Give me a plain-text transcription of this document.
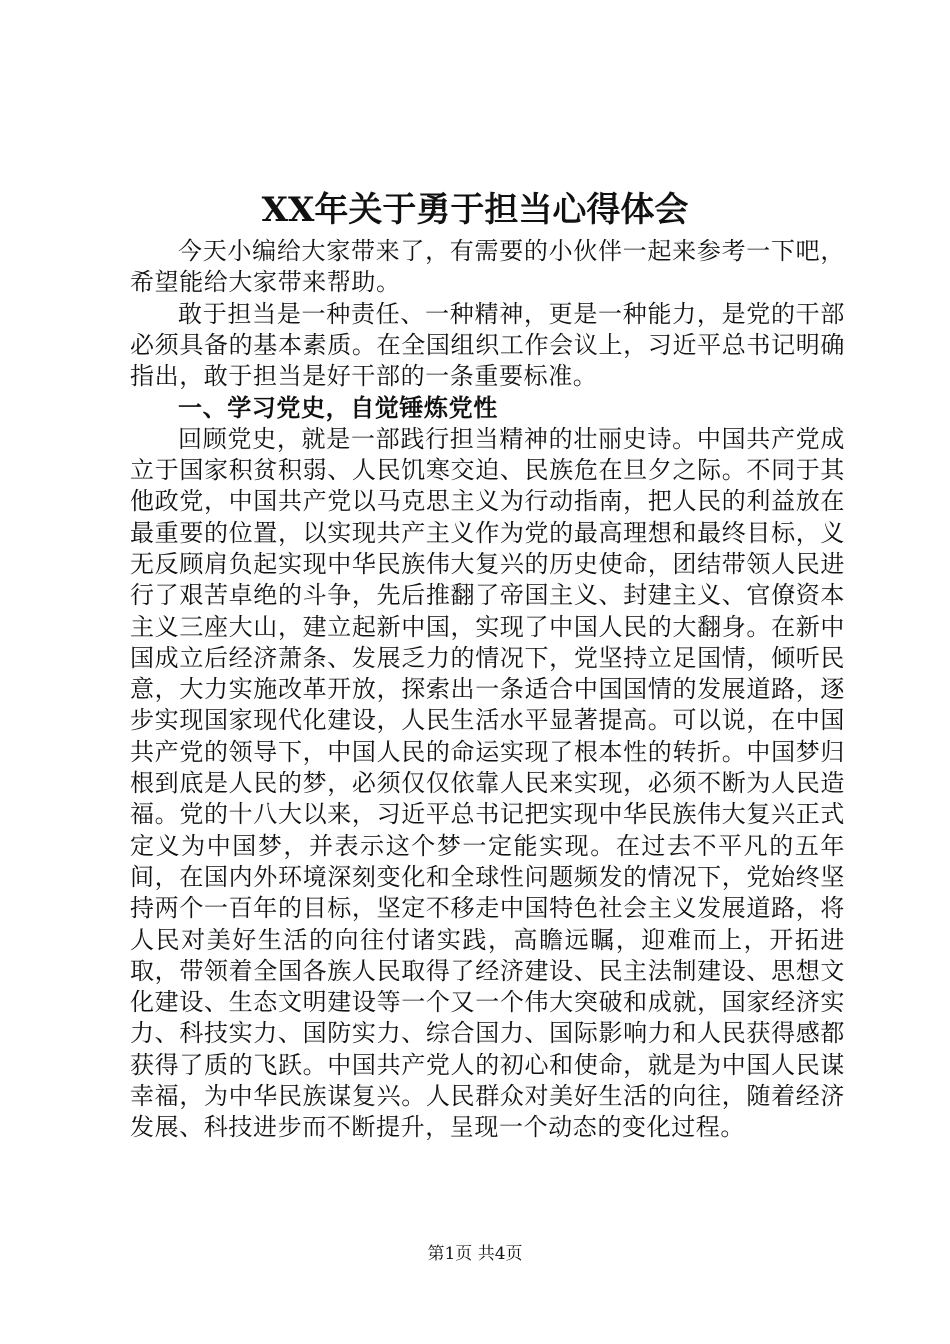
XX年关于勇于担当心得体会

今天小编给大家带来了，有需要的小伙伴一起来参考一下吧，希望能给大家带来帮助。

敢于担当是一种责任、一种精神，更是一种能力，是党的干部必须具备的基本素质。在全国组织工作会议上，习近平总书记明确指出，敢于担当是好干部的一条重要标准。

一、学习党史，自觉锤炼党性

回顾党史，就是一部践行担当精神的壮丽史诗。中国共产党成立于国家积贫积弱、人民饥寒交迫、民族危在旦夕之际。不同于其他政党，中国共产党以马克思主义为行动指南，把人民的利益放在最重要的位置，以实现共产主义作为党的最高理想和最终目标，义无反顾肩负起实现中华民族伟大复兴的历史使命，团结带领人民进行了艰苦卓绝的斗争，先后推翻了帝国主义、封建主义、官僚资本主义三座大山，建立起新中国，实现了中国人民的大翻身。在新中国成立后经济萧条、发展乏力的情况下，党坚持立足国情，倾听民意，大力实施改革开放，探索出一条适合中国国情的发展道路，逐步实现国家现代化建设，人民生活水平显著提高。可以说，在中国共产党的领导下，中国人民的命运实现了根本性的转折。中国梦归根到底是人民的梦，必须仅仅依靠人民来实现，必须不断为人民造福。党的十八大以来，习近平总书记把实现中华民族伟大复兴正式定义为中国梦，并表示这个梦一定能实现。在过去不平凡的五年间，在国内外环境深刻变化和全球性问题频发的情况下，党始终坚持两个一百年的目标，坚定不移走中国特色社会主义发展道路，将人民对美好生活的向往付诸实践，高瞻远瞩，迎难而上，开拓进取，带领着全国各族人民取得了经济建设、民主法制建设、思想文化建设、生态文明建设等一个又一个伟大突破和成就，国家经济实力、科技实力、国防实力、综合国力、国际影响力和人民获得感都获得了质的飞跃。中国共产党人的初心和使命，就是为中国人民谋幸福，为中华民族谋复兴。人民群众对美好生活的向往，随着经济发展、科技进步而不断提升，呈现一个动态的变化过程。

第1页 共4页
